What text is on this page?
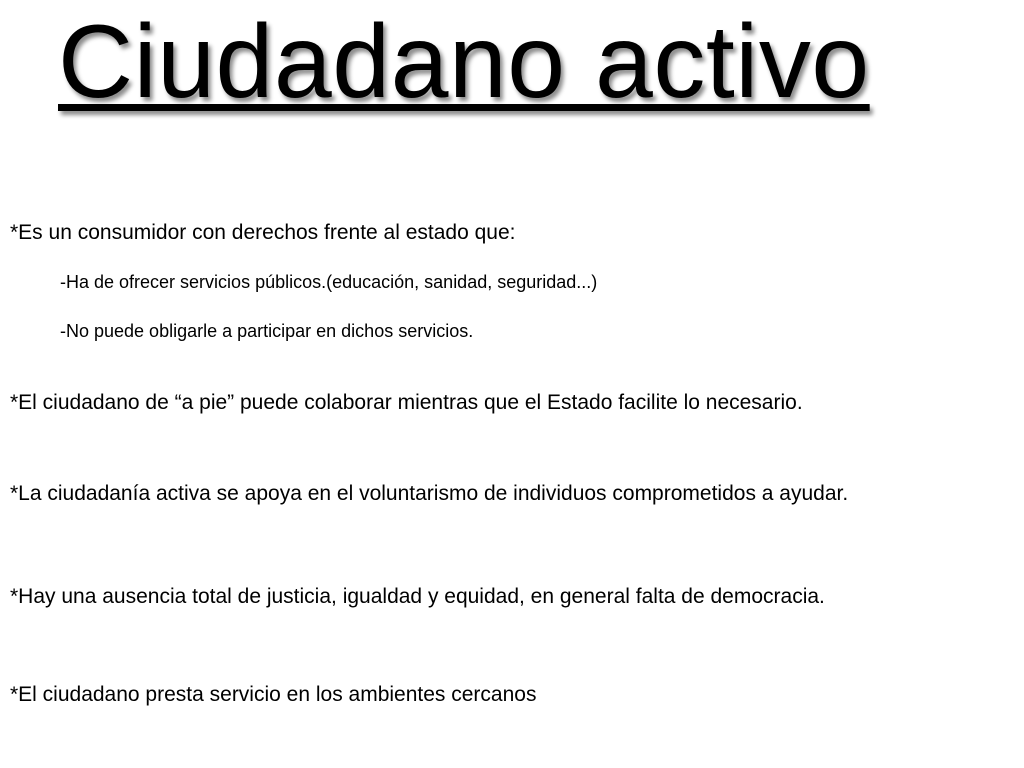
Ciudadano activo

*Es un consumidor con derechos frente al estado que:

-Ha de ofrecer servicios públicos.(educación, sanidad, seguridad...)

-No puede obligarle a participar en dichos servicios.

*El ciudadano de “a pie” puede colaborar mientras que el Estado facilite lo necesario.

*La ciudadanía activa se apoya en el voluntarismo de individuos comprometidos a ayudar.

*Hay una ausencia total de justicia, igualdad y equidad, en general falta de democracia.

*El ciudadano presta servicio en los ambientes cercanos
